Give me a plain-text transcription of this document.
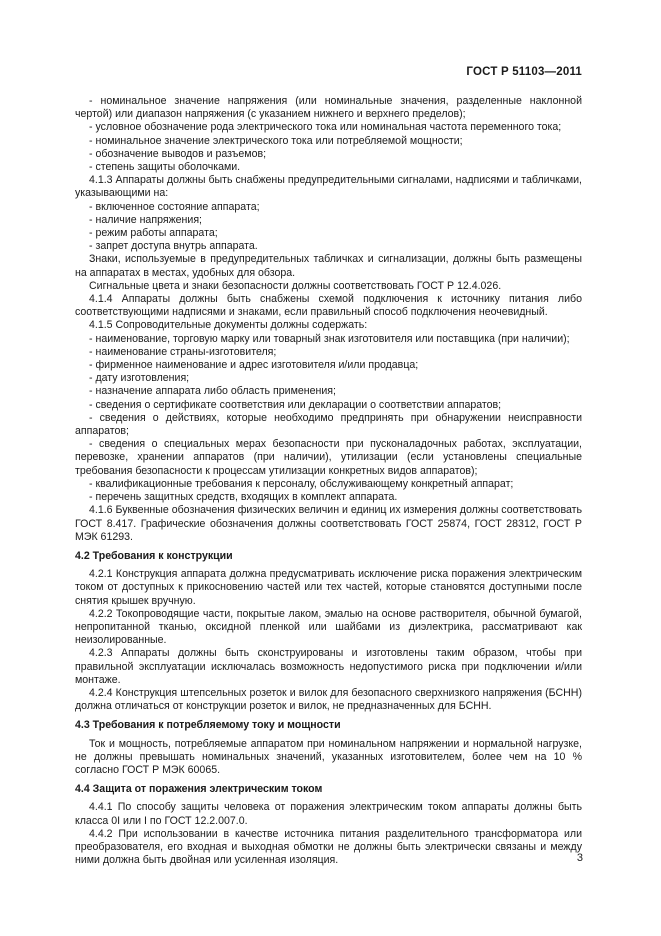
ГОСТ Р 51103—2011

- номинальное значение напряжения (или номинальные значения, разделенные наклонной чертой) или диапазон напряжения (с указанием нижнего и верхнего пределов);

- условное обозначение рода электрического тока или номинальная частота переменного тока;

- номинальное значение электрического тока или потребляемой мощности;

- обозначение выводов и разъемов;

- степень защиты оболочками.

4.1.3 Аппараты должны быть снабжены предупредительными сигналами, надписями и табличками, указывающими на:

- включенное состояние аппарата;

- наличие напряжения;

- режим работы аппарата;

- запрет доступа внутрь аппарата.

Знаки, используемые в предупредительных табличках и сигнализации, должны быть размещены на аппаратах в местах, удобных для обзора.

Сигнальные цвета и знаки безопасности должны соответствовать ГОСТ Р 12.4.026.

4.1.4 Аппараты должны быть снабжены схемой подключения к источнику питания либо соответствующими надписями и знаками, если правильный способ подключения неочевидный.

4.1.5 Сопроводительные документы должны содержать:

- наименование, торговую марку или товарный знак изготовителя или поставщика (при наличии);

- наименование страны-изготовителя;

- фирменное наименование и адрес изготовителя и/или продавца;

- дату изготовления;

- назначение аппарата либо область применения;

- сведения о сертификате соответствия или декларации о соответствии аппаратов;

- сведения о действиях, которые необходимо предпринять при обнаружении неисправности аппаратов;

- сведения о специальных мерах безопасности при пусконаладочных работах, эксплуатации, перевозке, хранении аппаратов (при наличии), утилизации (если установлены специальные требования безопасности к процессам утилизации конкретных видов аппаратов);

- квалификационные требования к персоналу, обслуживающему конкретный аппарат;

- перечень защитных средств, входящих в комплект аппарата.

4.1.6 Буквенные обозначения физических величин и единиц их измерения должны соответствовать ГОСТ 8.417. Графические обозначения должны соответствовать ГОСТ 25874, ГОСТ 28312, ГОСТ Р МЭК 61293.

4.2 Требования к конструкции

4.2.1 Конструкция аппарата должна предусматривать исключение риска поражения электрическим током от доступных к прикосновению частей или тех частей, которые становятся доступными после снятия крышек вручную.

4.2.2 Токопроводящие части, покрытые лаком, эмалью на основе растворителя, обычной бумагой, непропитанной тканью, оксидной пленкой или шайбами из диэлектрика, рассматривают как неизолированные.

4.2.3 Аппараты должны быть сконструированы и изготовлены таким образом, чтобы при правильной эксплуатации исключалась возможность недопустимого риска при подключении и/или монтаже.

4.2.4 Конструкция штепсельных розеток и вилок для безопасного сверхнизкого напряжения (БСНН) должна отличаться от конструкции розеток и вилок, не предназначенных для БСНН.

4.3 Требования к потребляемому току и мощности

Ток и мощность, потребляемые аппаратом при номинальном напряжении и нормальной нагрузке, не должны превышать номинальных значений, указанных изготовителем, более чем на 10 % согласно ГОСТ Р МЭК 60065.

4.4 Защита от поражения электрическим током

4.4.1 По способу защиты человека от поражения электрическим током аппараты должны быть класса 0I или I по ГОСТ 12.2.007.0.

4.4.2 При использовании в качестве источника питания разделительного трансформатора или преобразователя, его входная и выходная обмотки не должны быть электрически связаны и между ними должна быть двойная или усиленная изоляция.	3
